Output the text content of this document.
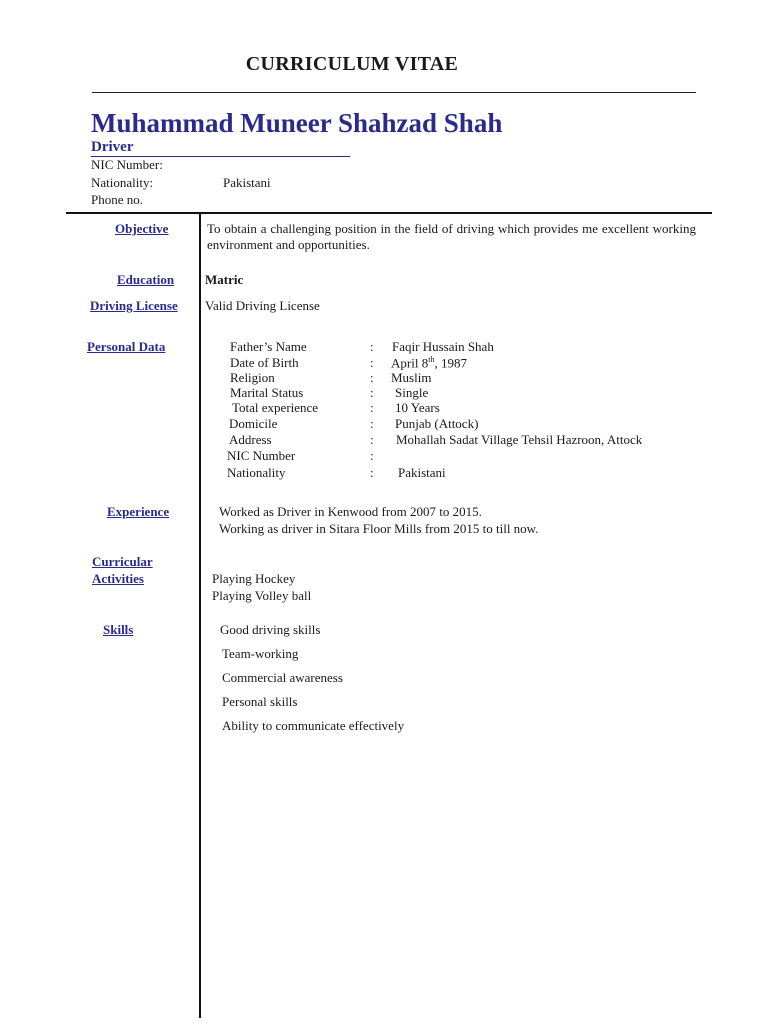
CURRICULUM VITAE
Muhammad Muneer Shahzad Shah
Driver
NIC Number:
Nationality:	Pakistani
Phone no.
Objective	To obtain a challenging position in the field of driving which provides me excellent working environment and opportunities.
Education Matric
Driving License Valid Driving License
Personal Data	Father’s Name	: Faqir Hussain Shah
Date of Birth	: April 8th, 1987
Religion	: Muslim
Marital Status	: Single
Total experience	: 10 Years
Domicile	: Punjab (Attock)
Address	: Mohallah Sadat Village Tehsil Hazroon, Attock
NIC Number	:
Nationality	: Pakistani
Experience	Worked as Driver in Kenwood from 2007 to 2015.
Working as driver in Sitara Floor Mills from 2015 to till now.
Curricular
Activities	Playing Hockey
Playing Volley ball
Skills	Good driving skills
Team-working
Commercial awareness
Personal skills
Ability to communicate effectively
